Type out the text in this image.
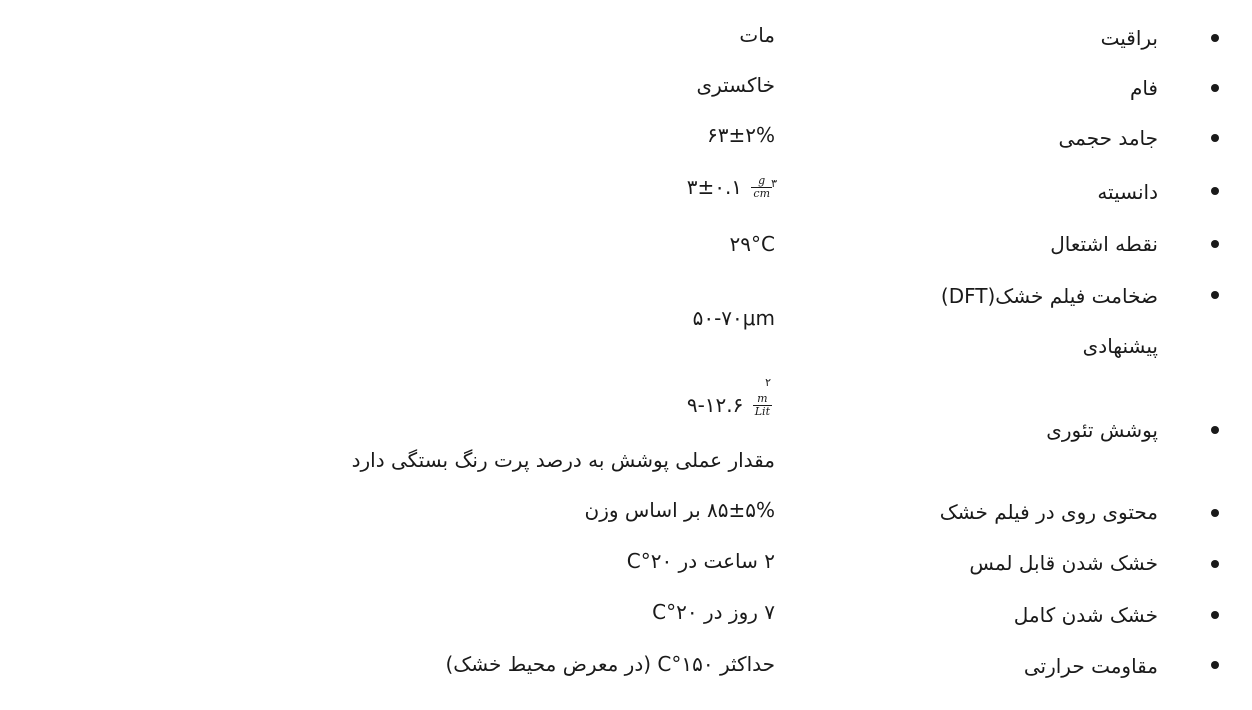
براقیت
مات
فام
خاکستری
جامد حجمی
۶۳±۲%
دانسیته
۳±۰.۱ $\frac{g}{cm}$ ۳
نقطه اشتعال
۲۹°C
ضخامت فیلم خشک(DFT)
پیشنهادی
۵۰-۷۰μm
پوشش تئوری
۹-۱۲.۶ $\frac{m}{\text{Lit}}$
۲
مقدار عملی پوشش به درصد پرت رنگ بستگی دارد
محتوی روی در فیلم خشک
۸۵±۵% بر اساس وزن
خشک شدن قابل لمس
۲ ساعت در ۲۰°C
خشک شدن کامل
۷ روز در ۲۰°C
مقاومت حرارتی
حداکثر ۱۵۰°C (در معرض محیط خشک)
